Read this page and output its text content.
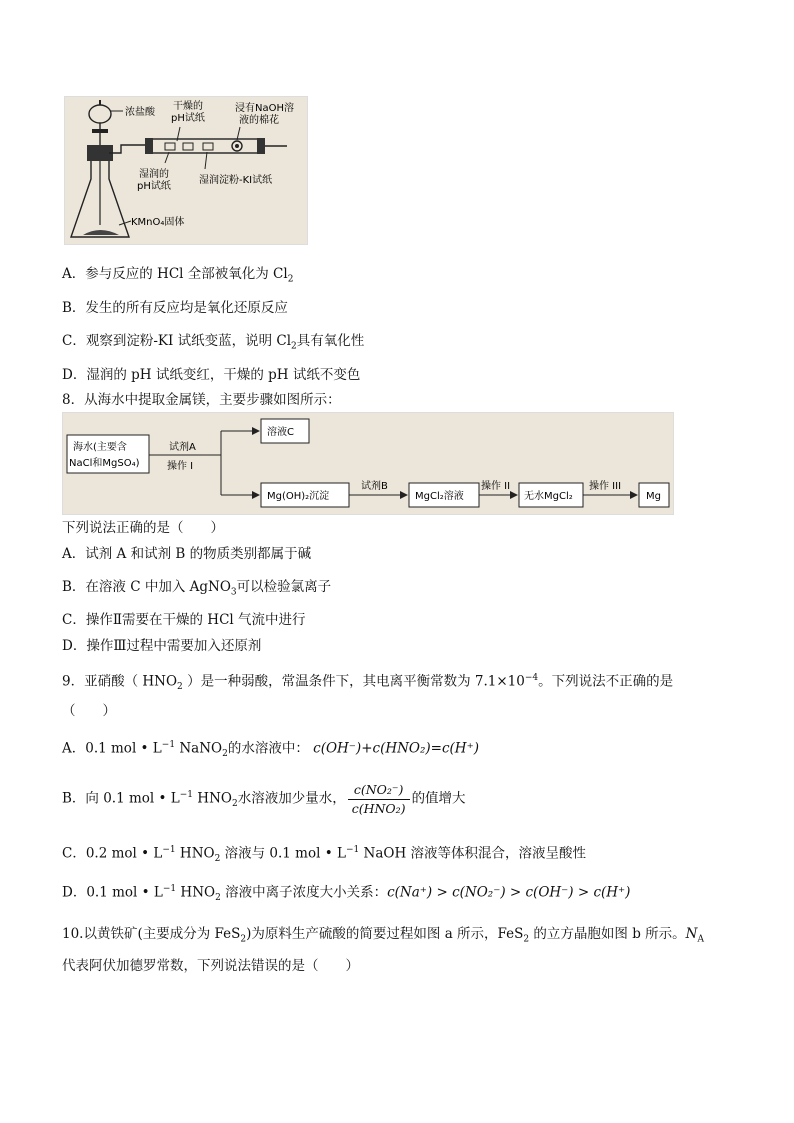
浓盐酸
干燥的
pH试纸
浸有NaOH溶
液的棉花
湿润的
pH试纸
湿润淀粉-KI试纸
KMnO₄固体
A．参与反应的 HCl 全部被氧化为 $Cl_2$
B．发生的所有反应均是氧化还原反应
C．观察到淀粉-KI 试纸变蓝，说明 $Cl_2$具有氧化性
D．湿润的 pH 试纸变红，干燥的 pH 试纸不变色
8．从海水中提取金属镁，主要步骤如图所示：
海水(主要含
NaCl和MgSO₄)
试剂A
操作 I
溶液C
Mg(OH)₂沉淀
试剂B
MgCl₂溶液
操作 II
无水MgCl₂
操作 III
Mg
下列说法正确的是（　　）
A．试剂 A 和试剂 B 的物质类别都属于碱
B．在溶液 C 中加入 AgNO$_3$可以检验氯离子
C．操作Ⅱ需要在干燥的 HCl 气流中进行
D．操作Ⅲ过程中需要加入还原剂
9．亚硝酸（ $HNO_2$ ）是一种弱酸，常温条件下，其电离平衡常数为 $7.1\times 10^{-4}$。下列说法不正确的是
（　　）
A．0.1 mol • $L^{-1}$ NaNO$_2$的水溶液中： c(OH⁻)+c(HNO₂)=c(H⁺)
B．向 0.1 mol • $L^{-1}$ $HNO_2$水溶液加少量水， $\frac{\text{c(NO₂⁻)}}{\text{c(HNO₂)}}$ 的值增大
C．0.2 mol • $L^{-1}$ $HNO_2$ 溶液与 0.1 mol • $L^{-1}$ NaOH 溶液等体积混合，溶液呈酸性
D．0.1 mol • $L^{-1}$ $HNO_2$ 溶液中离子浓度大小关系：c(Na⁺) > c(NO₂⁻) > c(OH⁻) > c(H⁺)
10.以黄铁矿(主要成分为 FeS$_2$)为原料生产硫酸的简要过程如图 a 所示，FeS$_2$ 的立方晶胞如图 b 所示。$N_A$
代表阿伏加德罗常数，下列说法错误的是（　　）
